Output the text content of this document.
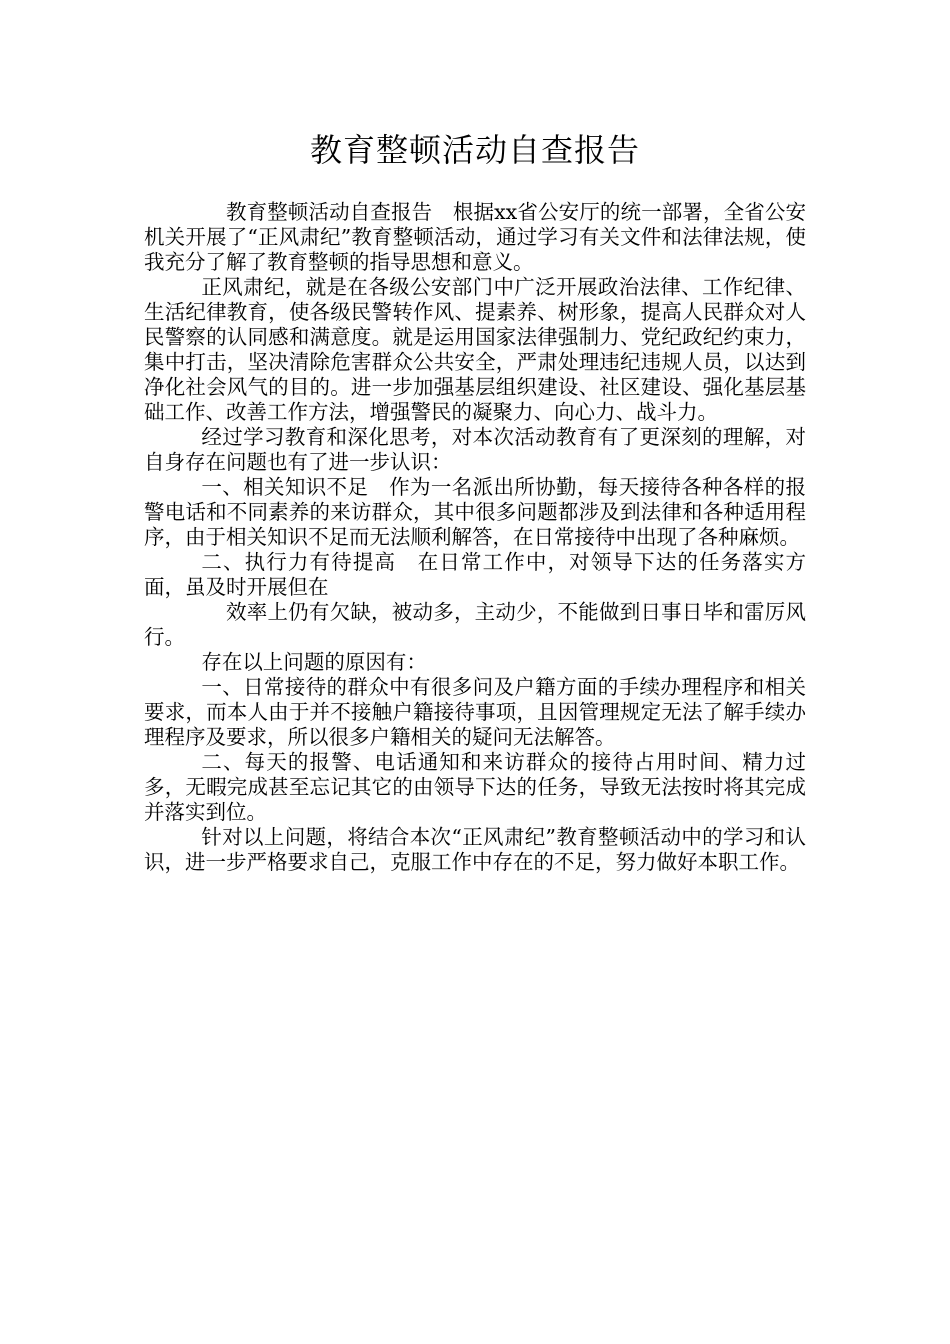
教育整顿活动自查报告

教育整顿活动自查报告　根据xx省公安厅的统一部署，全省公安机关开展了“正风肃纪”教育整顿活动，通过学习有关文件和法律法规，使我充分了解了教育整顿的指导思想和意义。

正风肃纪，就是在各级公安部门中广泛开展政治法律、工作纪律、生活纪律教育，使各级民警转作风、提素养、树形象，提高人民群众对人民警察的认同感和满意度。就是运用国家法律强制力、党纪政纪约束力，集中打击，坚决清除危害群众公共安全，严肃处理违纪违规人员，以达到净化社会风气的目的。进一步加强基层组织建设、社区建设、强化基层基础工作、改善工作方法，增强警民的凝聚力、向心力、战斗力。

经过学习教育和深化思考，对本次活动教育有了更深刻的理解，对自身存在问题也有了进一步认识：

一、相关知识不足　作为一名派出所协勤，每天接待各种各样的报警电话和不同素养的来访群众，其中很多问题都涉及到法律和各种适用程序，由于相关知识不足而无法顺利解答，在日常接待中出现了各种麻烦。

二、执行力有待提高　在日常工作中，对领导下达的任务落实方面，虽及时开展但在

效率上仍有欠缺，被动多，主动少，不能做到日事日毕和雷厉风行。

存在以上问题的原因有：

一、日常接待的群众中有很多问及户籍方面的手续办理程序和相关要求，而本人由于并不接触户籍接待事项，且因管理规定无法了解手续办理程序及要求，所以很多户籍相关的疑问无法解答。

二、每天的报警、电话通知和来访群众的接待占用时间、精力过多，无暇完成甚至忘记其它的由领导下达的任务，导致无法按时将其完成并落实到位。

针对以上问题，将结合本次“正风肃纪”教育整顿活动中的学习和认识，进一步严格要求自己，克服工作中存在的不足，努力做好本职工作。
